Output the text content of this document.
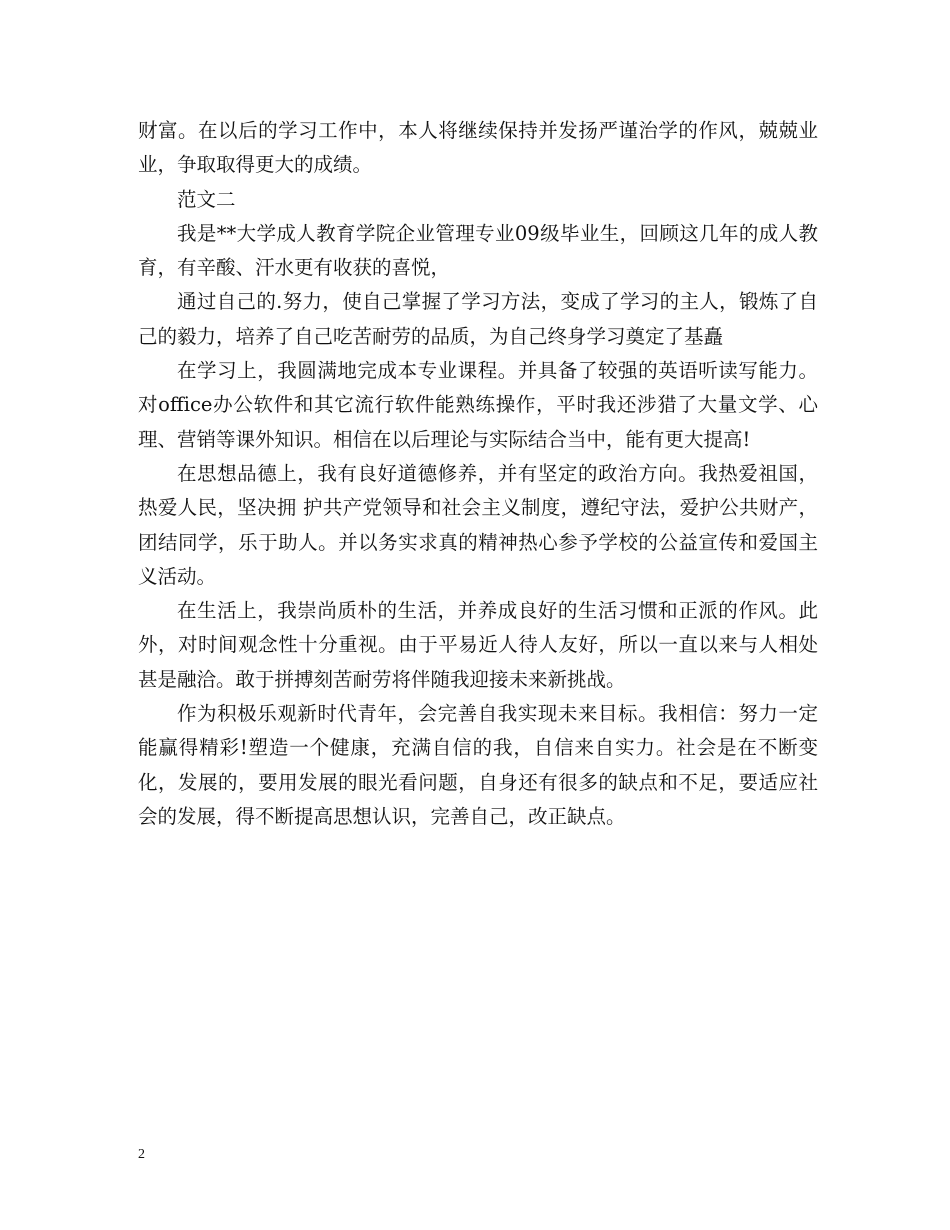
财富。在以后的学习工作中，本人将继续保持并发扬严谨治学的作风，兢兢业业，争取取得更大的成绩。

范文二

我是**大学成人教育学院企业管理专业09级毕业生，回顾这几年的成人教育，有辛酸、汗水更有收获的喜悦，

通过自己的.努力，使自己掌握了学习方法，变成了学习的主人，锻炼了自己的毅力，培养了自己吃苦耐劳的品质，为自己终身学习奠定了基矗

在学习上，我圆满地完成本专业课程。并具备了较强的英语听读写能力。对office办公软件和其它流行软件能熟练操作，平时我还涉猎了大量文学、心理、营销等课外知识。相信在以后理论与实际结合当中，能有更大提高!

在思想品德上，我有良好道德修养，并有坚定的政治方向。我热爱祖国，热爱人民，坚决拥 护共产党领导和社会主义制度，遵纪守法，爱护公共财产，团结同学，乐于助人。并以务实求真的精神热心参予学校的公益宣传和爱国主义活动。

在生活上，我崇尚质朴的生活，并养成良好的生活习惯和正派的作风。此外，对时间观念性十分重视。由于平易近人待人友好，所以一直以来与人相处甚是融洽。敢于拼搏刻苦耐劳将伴随我迎接未来新挑战。

作为积极乐观新时代青年，会完善自我实现未来目标。我相信：努力一定能赢得精彩!塑造一个健康，充满自信的我，自信来自实力。社会是在不断变化，发展的，要用发展的眼光看问题，自身还有很多的缺点和不足，要适应社会的发展，得不断提高思想认识，完善自己，改正缺点。

2
